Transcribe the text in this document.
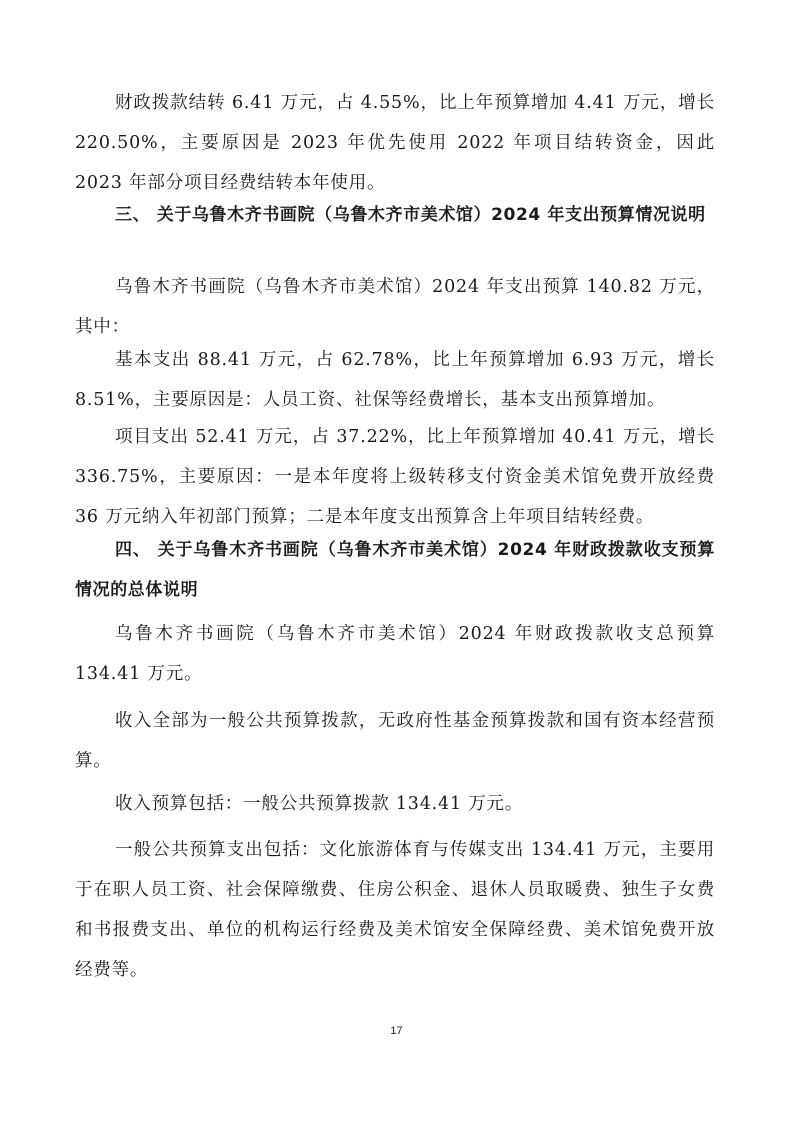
财政拨款结转 6.41 万元，占 4.55%，比上年预算增加 4.41 万元，增长 220.50%，主要原因是 2023 年优先使用 2022 年项目结转资金，因此 2023 年部分项目经费结转本年使用。

三、 关于乌鲁木齐书画院（乌鲁木齐市美术馆）2024 年支出预算情况说明

乌鲁木齐书画院（乌鲁木齐市美术馆）2024 年支出预算 140.82 万元，其中：

基本支出 88.41 万元，占 62.78%，比上年预算增加 6.93 万元，增长 8.51%，主要原因是：人员工资、社保等经费增长，基本支出预算增加。

项目支出 52.41 万元，占 37.22%，比上年预算增加 40.41 万元，增长 336.75%，主要原因：一是本年度将上级转移支付资金美术馆免费开放经费 36 万元纳入年初部门预算；二是本年度支出预算含上年项目结转经费。

四、 关于乌鲁木齐书画院（乌鲁木齐市美术馆）2024 年财政拨款收支预算情况的总体说明

乌鲁木齐书画院（乌鲁木齐市美术馆）2024 年财政拨款收支总预算 134.41 万元。

收入全部为一般公共预算拨款，无政府性基金预算拨款和国有资本经营预算。

收入预算包括：一般公共预算拨款 134.41 万元。

一般公共预算支出包括：文化旅游体育与传媒支出 134.41 万元，主要用于在职人员工资、社会保障缴费、住房公积金、退休人员取暖费、独生子女费和书报费支出、单位的机构运行经费及美术馆安全保障经费、美术馆免费开放经费等。

17
